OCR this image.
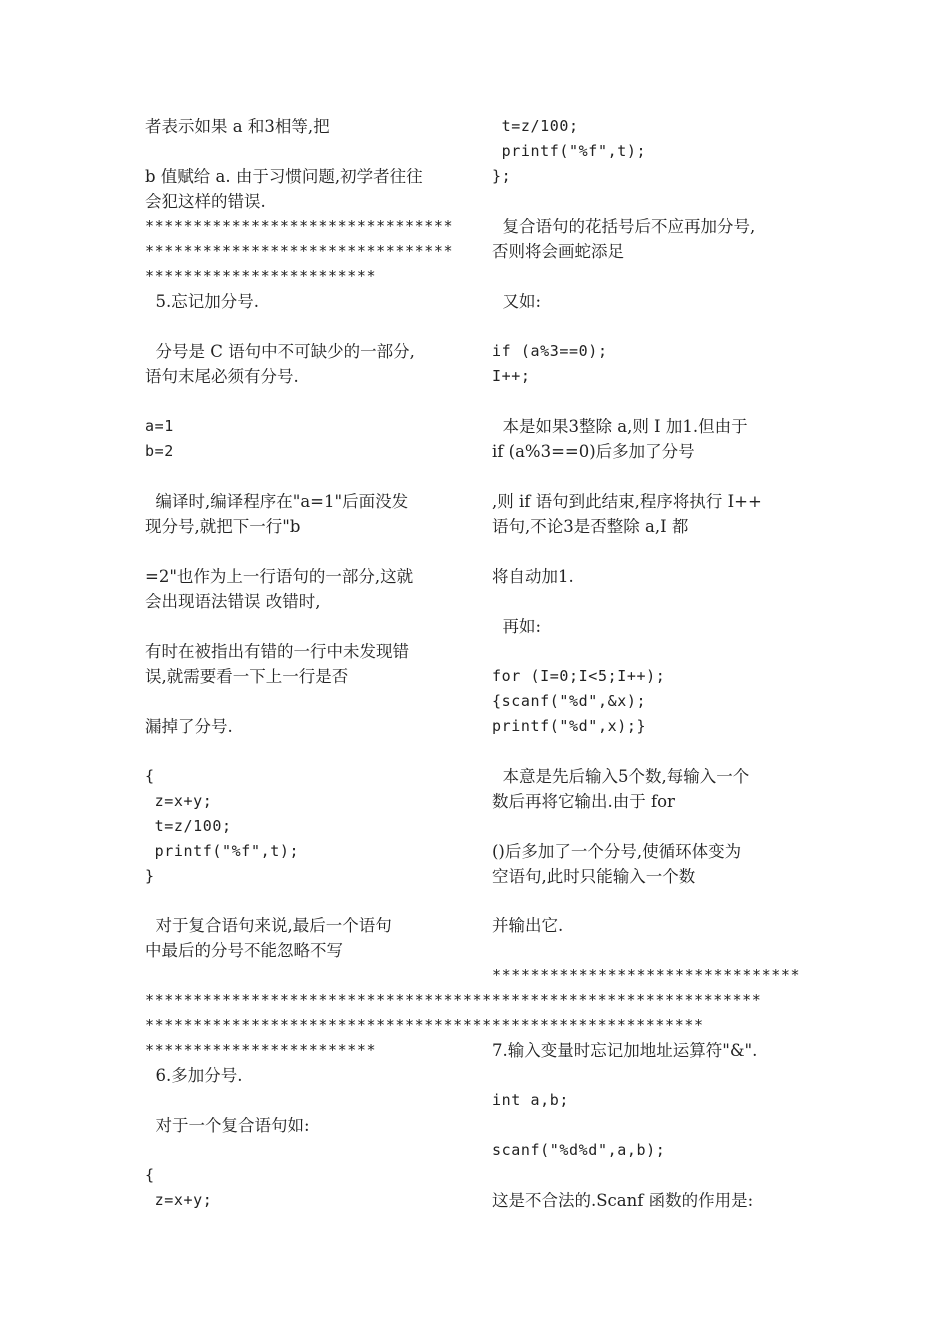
者表示如果 a 和3相等,把
b 值赋给 a. 由于习惯问题,初学者往往
会犯这样的错误.
********************************
********************************
************************
5.忘记加分号.
分号是 C 语句中不可缺少的一部分,
语句末尾必须有分号.
a=1
b=2
编译时,编译程序在"a=1"后面没发
现分号,就把下一行"b
=2"也作为上一行语句的一部分,这就
会出现语法错误 改错时,
有时在被指出有错的一行中未发现错
误,就需要看一下上一行是否
漏掉了分号.
{
z=x+y;
t=z/100;
printf("%f",t);
}
对于复合语句来说,最后一个语句
中最后的分号不能忽略不写
************************
6.多加分号.
对于一个复合语句如:
{
z=x+y;
t=z/100;
printf("%f",t);
};
复合语句的花括号后不应再加分号,
否则将会画蛇添足
又如:
if (a%3==0);
I++;
本是如果3整除 a,则 I 加1.但由于
if (a%3==0)后多加了分号
,则 if 语句到此结束,程序将执行 I++
语句,不论3是否整除 a,I 都
将自动加1.
再如:
for (I=0;I<5;I++);
{scanf("%d",&x);
printf("%d",x);}
本意是先后输入5个数,每输入一个
数后再将它输出.由于 for
()后多加了一个分号,使循环体变为
空语句,此时只能输入一个数
并输出它.
********************************
****************************************************************
**********************************************************
7.输入变量时忘记加地址运算符"&".
int a,b;
scanf("%d%d",a,b);
这是不合法的.Scanf 函数的作用是:
